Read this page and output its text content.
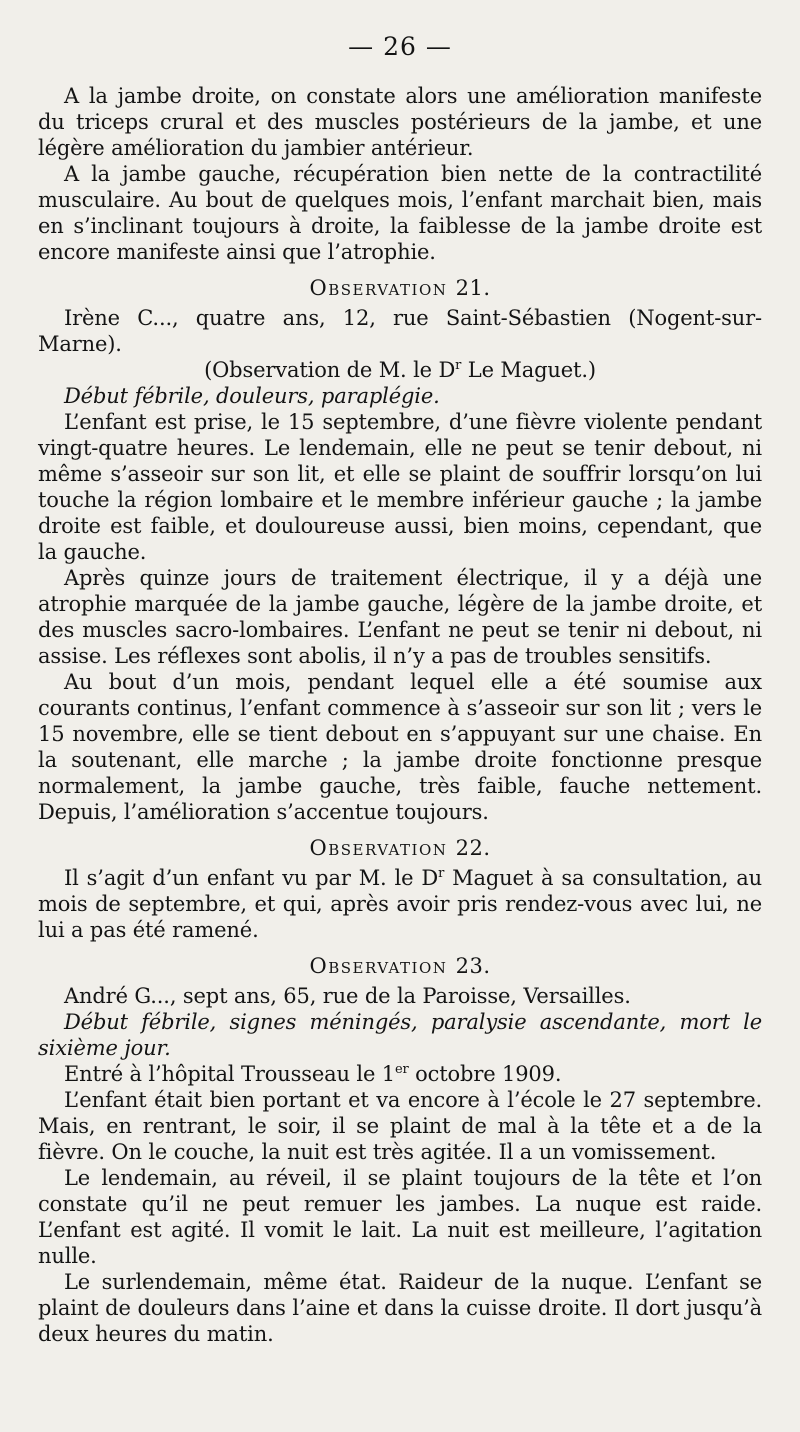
— 26 —

A la jambe droite, on constate alors une amélioration manifeste du triceps crural et des muscles postérieurs de la jambe, et une légère amélioration du jambier antérieur.

A la jambe gauche, récupération bien nette de la contractilité musculaire. Au bout de quelques mois, l’enfant marchait bien, mais en s’inclinant toujours à droite, la faiblesse de la jambe droite est encore manifeste ainsi que l’atrophie.

Observation 21.

Irène C..., quatre ans, 12, rue Saint-Sébastien (Nogent-sur-Marne).

(Observation de M. le $D^r$ Le Maguet.)

Début fébrile, douleurs, paraplégie.

L’enfant est prise, le 15 septembre, d’une fièvre violente pendant vingt-quatre heures. Le lendemain, elle ne peut se tenir debout, ni même s’asseoir sur son lit, et elle se plaint de souffrir lorsqu’on lui touche la région lombaire et le membre inférieur gauche ; la jambe droite est faible, et douloureuse aussi, bien moins, cependant, que la gauche.

Après quinze jours de traitement électrique, il y a déjà une atrophie marquée de la jambe gauche, légère de la jambe droite, et des muscles sacro-lombaires. L’enfant ne peut se tenir ni debout, ni assise. Les réflexes sont abolis, il n’y a pas de troubles sensitifs.

Au bout d’un mois, pendant lequel elle a été soumise aux courants continus, l’enfant commence à s’asseoir sur son lit ; vers le 15 novembre, elle se tient debout en s’appuyant sur une chaise. En la soutenant, elle marche ; la jambe droite fonctionne presque normalement, la jambe gauche, très faible, fauche nettement. Depuis, l’amélioration s’accentue toujours.

Observation 22.

Il s’agit d’un enfant vu par M. le $D^r$ Maguet à sa consultation, au mois de septembre, et qui, après avoir pris rendez-vous avec lui, ne lui a pas été ramené.

Observation 23.

André G..., sept ans, 65, rue de la Paroisse, Versailles.

Début fébrile, signes méningés, paralysie ascendante, mort le sixième jour.

Entré à l’hôpital Trousseau le 1er octobre 1909.

L’enfant était bien portant et va encore à l’école le 27 septembre. Mais, en rentrant, le soir, il se plaint de mal à la tête et a de la fièvre. On le couche, la nuit est très agitée. Il a un vomissement.

Le lendemain, au réveil, il se plaint toujours de la tête et l’on constate qu’il ne peut remuer les jambes. La nuque est raide. L’enfant est agité. Il vomit le lait. La nuit est meilleure, l’agitation nulle.

Le surlendemain, même état. Raideur de la nuque. L’enfant se plaint de douleurs dans l’aine et dans la cuisse droite. Il dort jusqu’à deux heures du matin.
